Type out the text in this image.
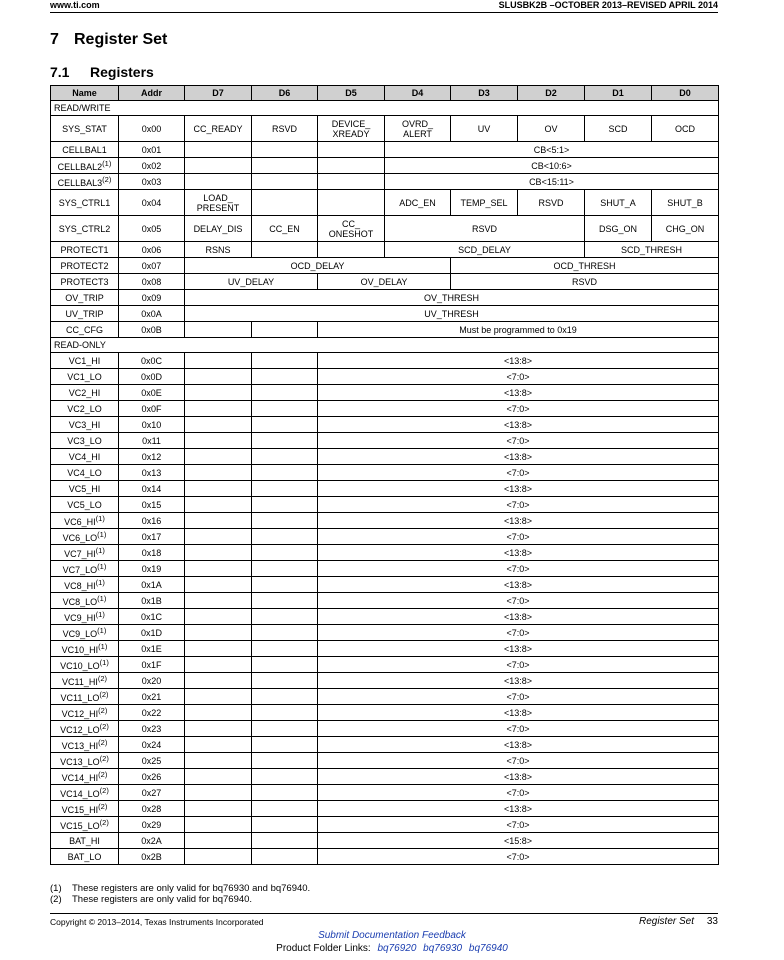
www.ti.com	SLUSBK2B –OCTOBER 2013–REVISED APRIL 2014
7 Register Set
7.1 Registers
Name	Addr	D7	D6	D5	D4	D3	D2	D1	D0
READ/WRITE									
SYS_STAT	0x00	CC_READY	RSVD	DEVICE_ XREADY	OVRD_ ALERT	UV	OV	SCD	OCD
CELLBAL1	0x01				CB<5:1>				
CELLBAL2$^{(1)}$	0x02				CB<10:6>				
CELLBAL3$^{(2)}$	0x03				CB<15:11>				
SYS_CTRL1	0x04	LOAD_ PRESENT			ADC_EN	TEMP_SEL	RSVD	SHUT_A	SHUT_B
SYS_CTRL2	0x05	DELAY_DIS	CC_EN	CC_ ONESHOT	RSVD			DSG_ON	CHG_ON
PROTECT1	0x06	RSNS			SCD_DELAY			SCD_THRESH	
PROTECT2	0x07	OCD_DELAY				OCD_THRESH			
PROTECT3	0x08	UV_DELAY		OV_DELAY		RSVD			
OV_TRIP	0x09	OV_THRESH							
UV_TRIP	0x0A	UV_THRESH							
CC_CFG	0x0B			Must be programmed to 0x19					
READ-ONLY									
VC1_HI	0x0C			<13:8>					
VC1_LO	0x0D			<7:0>					
VC2_HI	0x0E			<13:8>					
VC2_LO	0x0F			<7:0>					
VC3_HI	0x10			<13:8>					
VC3_LO	0x11			<7:0>					
VC4_HI	0x12			<13:8>					
VC4_LO	0x13			<7:0>					
VC5_HI	0x14			<13:8>					
VC5_LO	0x15			<7:0>					
VC6_HI$^{(1)}$	0x16			<13:8>					
VC6_LO$^{(1)}$	0x17			<7:0>					
VC7_HI$^{(1)}$	0x18			<13:8>					
VC7_LO$^{(1)}$	0x19			<7:0>					
VC8_HI$^{(1)}$	0x1A			<13:8>					
VC8_LO$^{(1)}$	0x1B			<7:0>					
VC9_HI$^{(1)}$	0x1C			<13:8>					
VC9_LO$^{(1)}$	0x1D			<7:0>					
VC10_HI$^{(1)}$	0x1E			<13:8>					
VC10_LO$^{(1)}$	0x1F			<7:0>					
VC11_HI$^{(2)}$	0x20			<13:8>					
VC11_LO$^{(2)}$	0x21			<7:0>					
VC12_HI$^{(2)}$	0x22			<13:8>					
VC12_LO$^{(2)}$	0x23			<7:0>					
VC13_HI$^{(2)}$	0x24			<13:8>					
VC13_LO$^{(2)}$	0x25			<7:0>					
VC14_HI$^{(2)}$	0x26			<13:8>					
VC14_LO$^{(2)}$	0x27			<7:0>					
VC15_HI$^{(2)}$	0x28			<13:8>					
VC15_LO$^{(2)}$	0x29			<7:0>					
BAT_HI	0x2A			<15:8>					
BAT_LO	0x2B			<7:0>					
(1) These registers are only valid for bq76930 and bq76940.
(2) These registers are only valid for bq76940.
Copyright © 2013–2014, Texas Instruments Incorporated	Register Set 33
Submit Documentation Feedback
Product Folder Links: bq76920 bq76930 bq76940
